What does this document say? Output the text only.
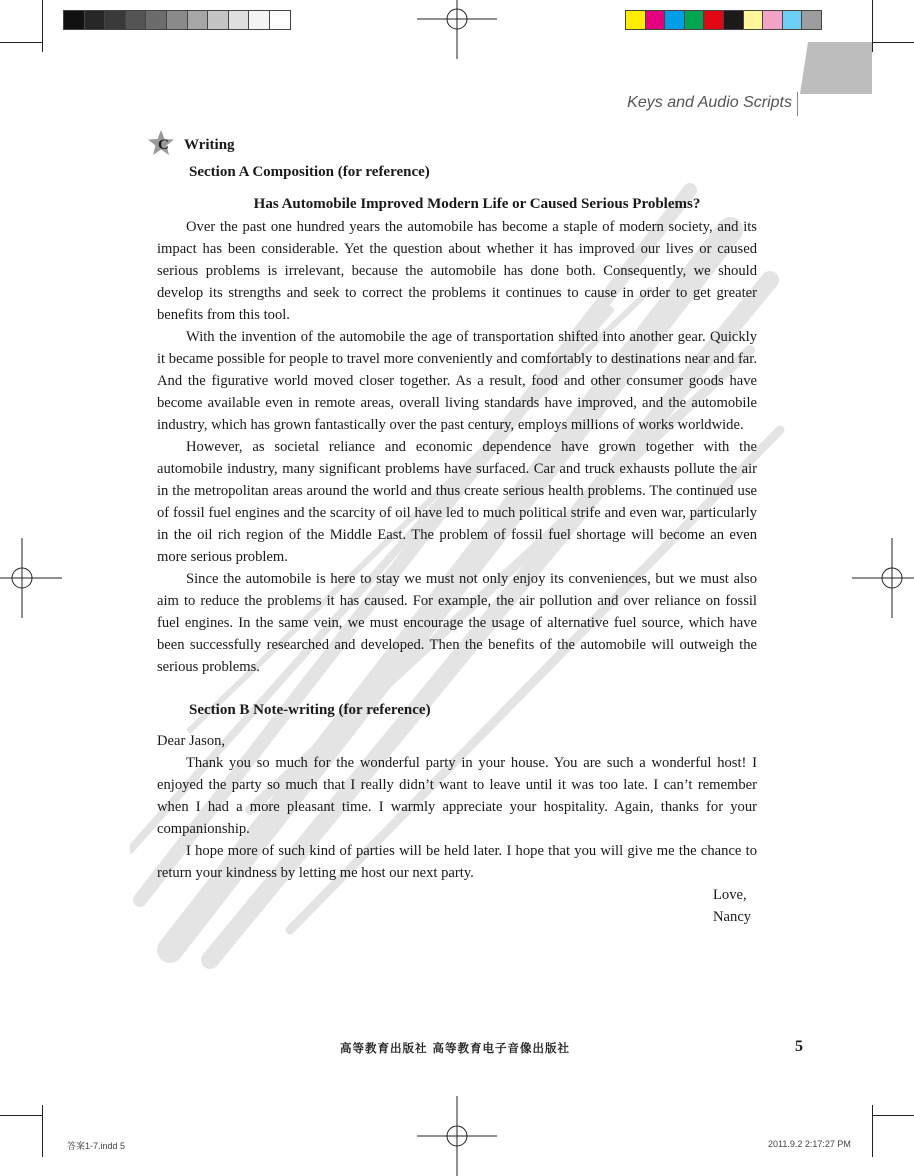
Keys and Audio Scripts
C Writing

Section A Composition (for reference)

Has Automobile Improved Modern Life or Caused Serious Problems?

Over the past one hundred years the automobile has become a staple of modern society, and its impact has been considerable. Yet the question about whether it has improved our lives or caused serious problems is irrelevant, because the automobile has done both. Consequently, we should develop its strengths and seek to correct the problems it continues to cause in order to get greater benefits from this tool.

With the invention of the automobile the age of transportation shifted into another gear. Quickly it became possible for people to travel more conveniently and comfortably to destinations near and far. And the figurative world moved closer together. As a result, food and other consumer goods have become available even in remote areas, overall living standards have improved, and the automobile industry, which has grown fantastically over the past century, employs millions of works worldwide.

However, as societal reliance and economic dependence have grown together with the automobile industry, many significant problems have surfaced. Car and truck exhausts pollute the air in the metropolitan areas around the world and thus create serious health problems. The continued use of fossil fuel engines and the scarcity of oil have led to much political strife and even war, particularly in the oil rich region of the Middle East. The problem of fossil fuel shortage will become an even more serious problem.

Since the automobile is here to stay we must not only enjoy its conveniences, but we must also aim to reduce the problems it has caused. For example, the air pollution and over reliance on fossil fuel engines. In the same vein, we must encourage the usage of alternative fuel source, which have been successfully researched and developed. Then the benefits of the automobile will outweigh the serious problems.

Section B Note-writing (for reference)

Dear Jason,

Thank you so much for the wonderful party in your house. You are such a wonderful host! I enjoyed the party so much that I really didn’t want to leave until it was too late. I can’t remember when I had a more pleasant time. I warmly appreciate your hospitality. Again, thanks for your companionship.

I hope more of such kind of parties will be held later. I hope that you will give me the chance to return your kindness by letting me host our next party.

Love,

Nancy

高等教育出版社 高等教育电子音像出版社	5
答案1-7.indd 5	2011.9.2 2:17:27 PM
